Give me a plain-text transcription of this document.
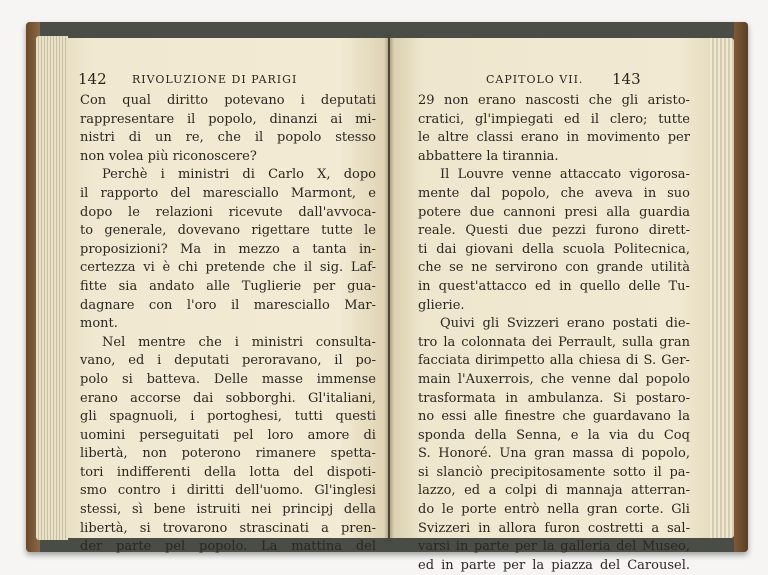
142 RIVOLUZIONE DI PARIGI
Con qual diritto potevano i deputati
rappresentare il popolo, dinanzi ai mi-
nistri di un re, che il popolo stesso
non volea più riconoscere?
Perchè i ministri di Carlo X, dopo
il rapporto del maresciallo Marmont, e
dopo le relazioni ricevute dall'avvoca-
to generale, dovevano rigettare tutte le
proposizioni? Ma in mezzo a tanta in-
certezza vi è chi pretende che il sig. Laf-
fitte sia andato alle Tuglierie per gua-
dagnare con l'oro il maresciallo Mar-
mont.
Nel mentre che i ministri consulta-
vano, ed i deputati peroravano, il po-
polo si batteva. Delle masse immense
erano accorse dai sobborghi. Gl'italiani,
gli spagnuoli, i portoghesi, tutti questi
uomini perseguitati pel loro amore di
libertà, non poterono rimanere spetta-
tori indifferenti della lotta del dispoti-
smo contro i diritti dell'uomo. Gl'inglesi
stessi, sì bene istruiti nei principj della
libertà, si trovarono strascinati a pren-
der parte pel popolo. La mattina del
CAPITOLO VII. 143
29 non erano nascosti che gli aristo-
cratici, gl'impiegati ed il clero; tutte
le altre classi erano in movimento per
abbattere la tirannia.
Il Louvre venne attaccato vigorosa-
mente dal popolo, che aveva in suo
potere due cannoni presi alla guardia
reale. Questi due pezzi furono dirett-
ti dai giovani della scuola Politecnica,
che se ne servirono con grande utilità
in quest'attacco ed in quello delle Tu-
glierie.
Quivi gli Svizzeri erano postati die-
tro la colonnata dei Perrault, sulla gran
facciata dirimpetto alla chiesa di S. Ger-
main l'Auxerrois, che venne dal popolo
trasformata in ambulanza. Si postaro-
no essi alle finestre che guardavano la
sponda della Senna, e la via du Coq
S. Honoré. Una gran massa di popolo,
si slanciò precipitosamente sotto il pa-
lazzo, ed a colpi di mannaja atterran-
do le porte entrò nella gran corte. Gli
Svizzeri in allora furon costretti a sal-
varsi in parte per la galleria del Museo,
ed in parte per la piazza del Carousel.
